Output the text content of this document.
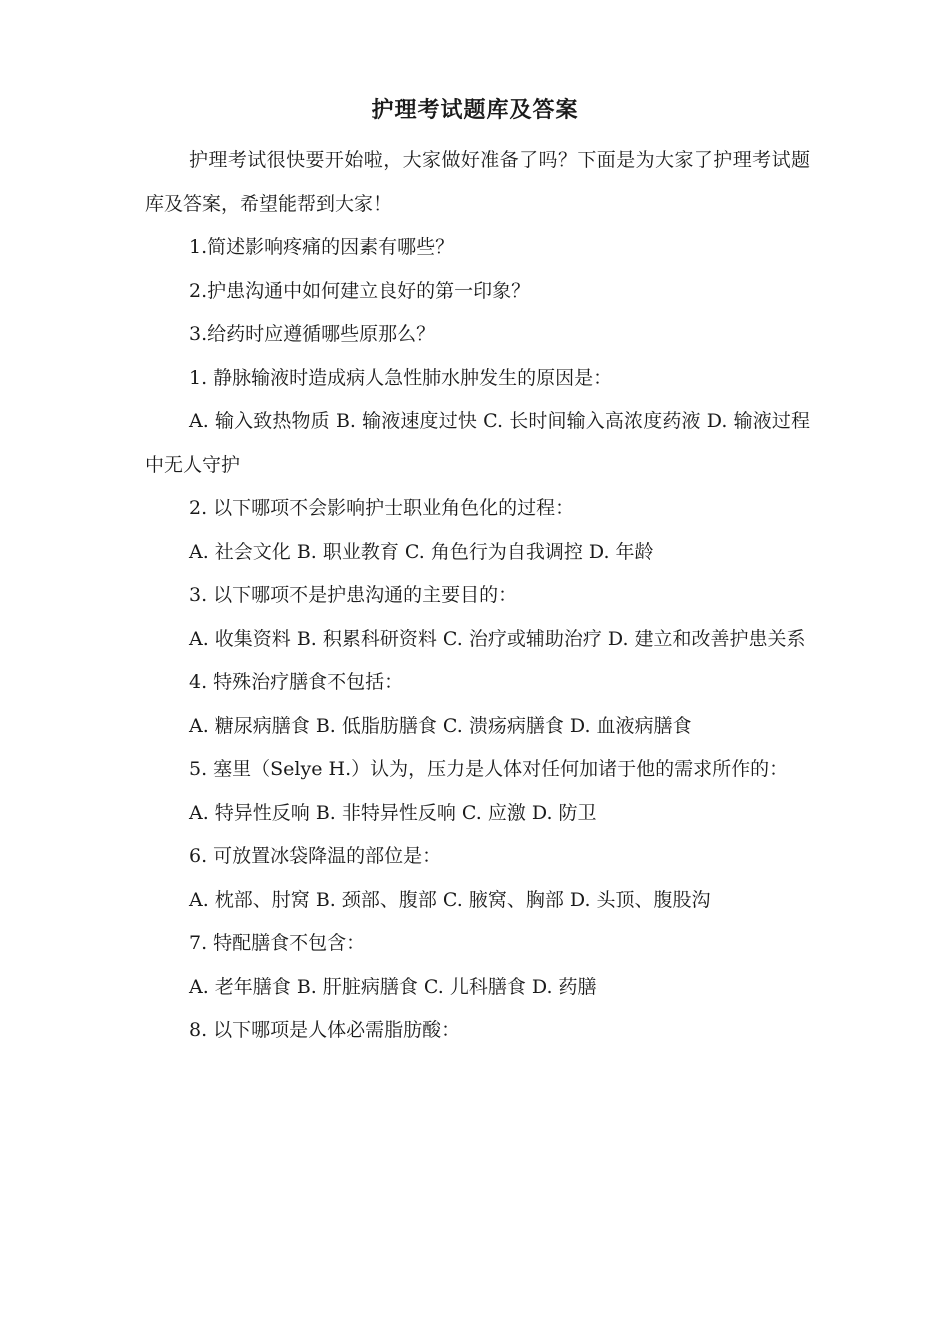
护理考试题库及答案

护理考试很快要开始啦，大家做好准备了吗？下面是为大家了护理考试题库及答案，希望能帮到大家！

1.简述影响疼痛的因素有哪些？

2.护患沟通中如何建立良好的第一印象？

3.给药时应遵循哪些原那么？

1. 静脉输液时造成病人急性肺水肿发生的原因是：

A. 输入致热物质 B. 输液速度过快 C. 长时间输入高浓度药液 D. 输液过程中无人守护

2. 以下哪项不会影响护士职业角色化的过程：

A. 社会文化 B. 职业教育 C. 角色行为自我调控 D. 年龄

3. 以下哪项不是护患沟通的主要目的：

A. 收集资料 B. 积累科研资料 C. 治疗或辅助治疗 D. 建立和改善护患关系

4. 特殊治疗膳食不包括：

A. 糖尿病膳食 B. 低脂肪膳食 C. 溃疡病膳食 D. 血液病膳食

5. 塞里（Selye H.）认为，压力是人体对任何加诸于他的需求所作的：

A. 特异性反响 B. 非特异性反响 C. 应激 D. 防卫

6. 可放置冰袋降温的部位是：

A. 枕部、肘窝 B. 颈部、腹部 C. 腋窝、胸部 D. 头顶、腹股沟

7. 特配膳食不包含：

A. 老年膳食 B. 肝脏病膳食 C. 儿科膳食 D. 药膳

8. 以下哪项是人体必需脂肪酸：
